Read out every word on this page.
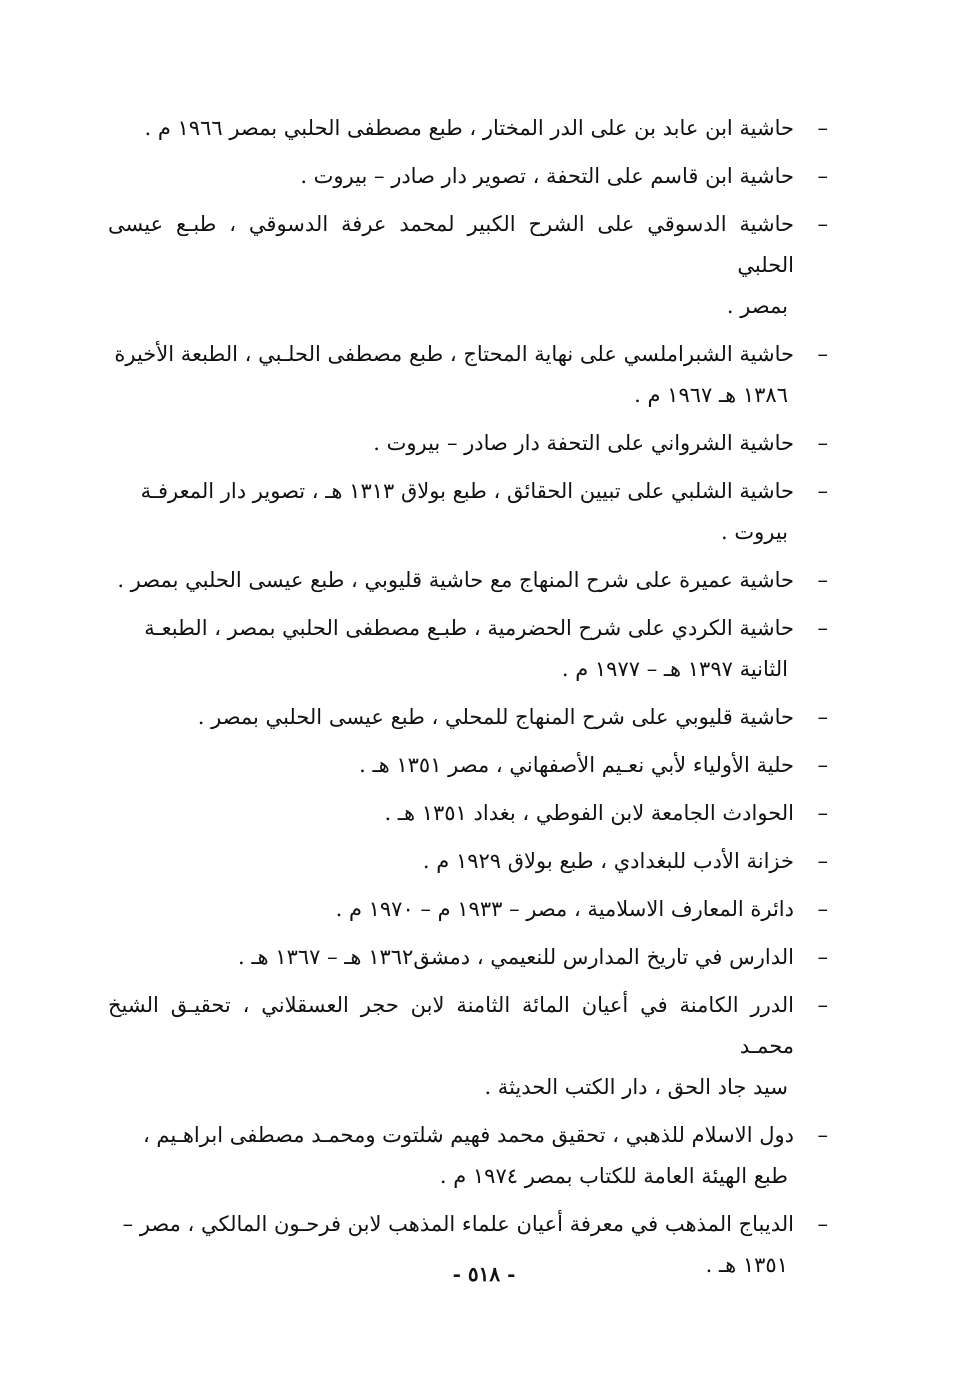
–
حاشية ابن عابد بن على الدر المختار ، طبع مصطفى الحلبي بمصر ١٩٦٦ م .
–
حاشية ابن قاسم على التحفة ، تصوير دار صادر – بيروت .
–
حاشية الدسوقي على الشرح الكبير لمحمد عرفة الدسوقي ، طبـع عيسى الحلبي
بمصر .
–
حاشية الشبراملسي على نهاية المحتاج ، طبع مصطفى الحلـبي ، الطبعة الأخيرة
١٣٨٦ هـ ١٩٦٧ م .
–
حاشية الشرواني على التحفة دار صادر – بيروت .
–
حاشية الشلبي على تبيين الحقائق ، طبع بولاق ١٣١٣ هـ ، تصوير دار المعرفـة
بيروت .
–
حاشية عميرة على شرح المنهاج مع حاشية قليوبي ، طبع عيسى الحلبي بمصر .
–
حاشية الكردي على شرح الحضرمية ، طبـع مصطفى الحلبي بمصر ، الطبعـة
الثانية ١٣٩٧ هـ – ١٩٧٧ م .
–
حاشية قليوبي على شرح المنهاج للمحلي ، طبع عيسى الحلبي بمصر .
–
حلية الأولياء لأبي نعـيم الأصفهاني ، مصر ١٣٥١ هـ .
–
الحوادث الجامعة لابن الفوطي ، بغداد ١٣٥١ هـ .
–
خزانة الأدب للبغدادي ، طبع بولاق ١٩٢٩ م .
–
دائرة المعارف الاسلامية ، مصر – ١٩٣٣ م – ١٩٧٠ م .
–
الدارس في تاريخ المدارس للنعيمي ، دمشق١٣٦٢ هـ – ١٣٦٧ هـ .
–
الدرر الكامنة في أعيان المائة الثامنة لابن حجر العسقلاني ، تحقيـق الشيخ محمـد
سيد جاد الحق ، دار الكتب الحديثة .
–
دول الاسلام للذهبي ، تحقيق محمد فهيم شلتوت ومحمـد مصطفى ابراهـيم ،
طبع الهيئة العامة للكتاب بمصر ١٩٧٤ م .
–
الديباج المذهب في معرفة أعيان علماء المذهب لابن فرحـون المالكي ، مصر –
١٣٥١ هـ .
- ٥١٨ -
